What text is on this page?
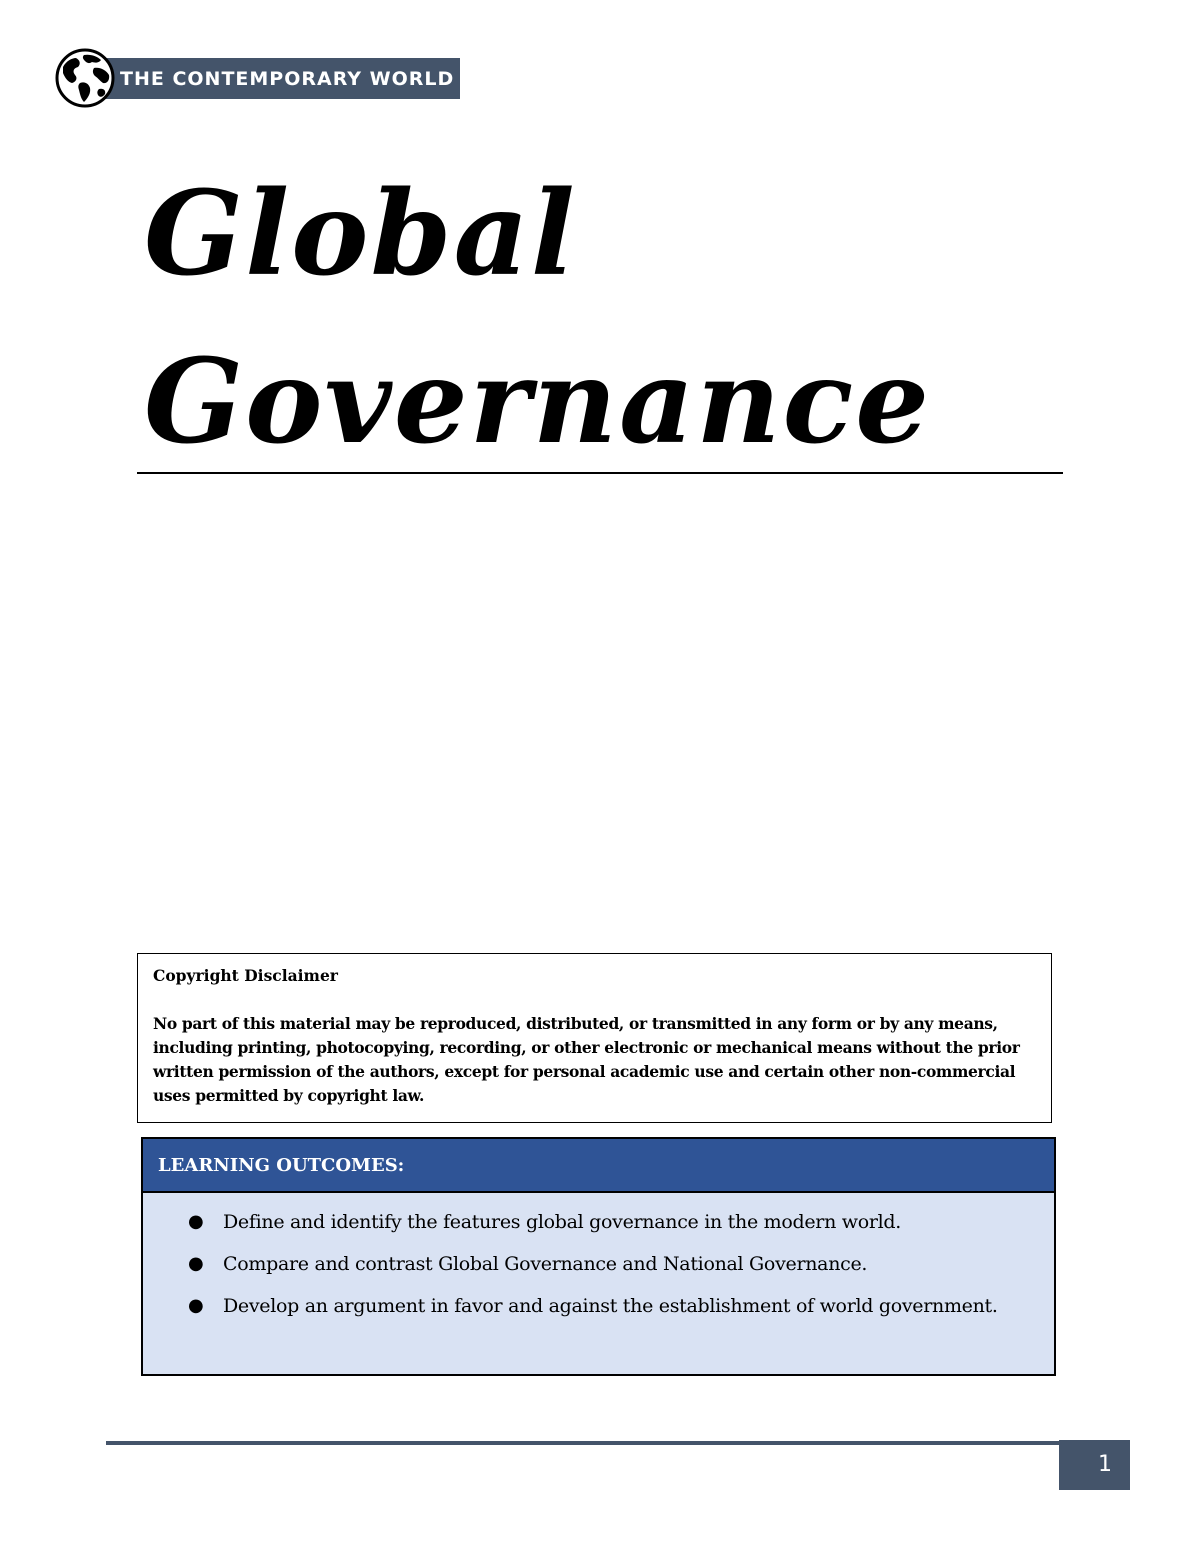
THE CONTEMPORARY WORLD
Global
Governance

Copyright Disclaimer

No part of this material may be reproduced, distributed, or transmitted in any form or by any means, including printing, photocopying, recording, or other electronic or mechanical means without the prior written permission of the authors, except for personal academic use and certain other non-commercial uses permitted by copyright law.

LEARNING OUTCOMES:
● Define and identify the features global governance in the modern world.
● Compare and contrast Global Governance and National Governance.
● Develop an argument in favor and against the establishment of world government.
1
